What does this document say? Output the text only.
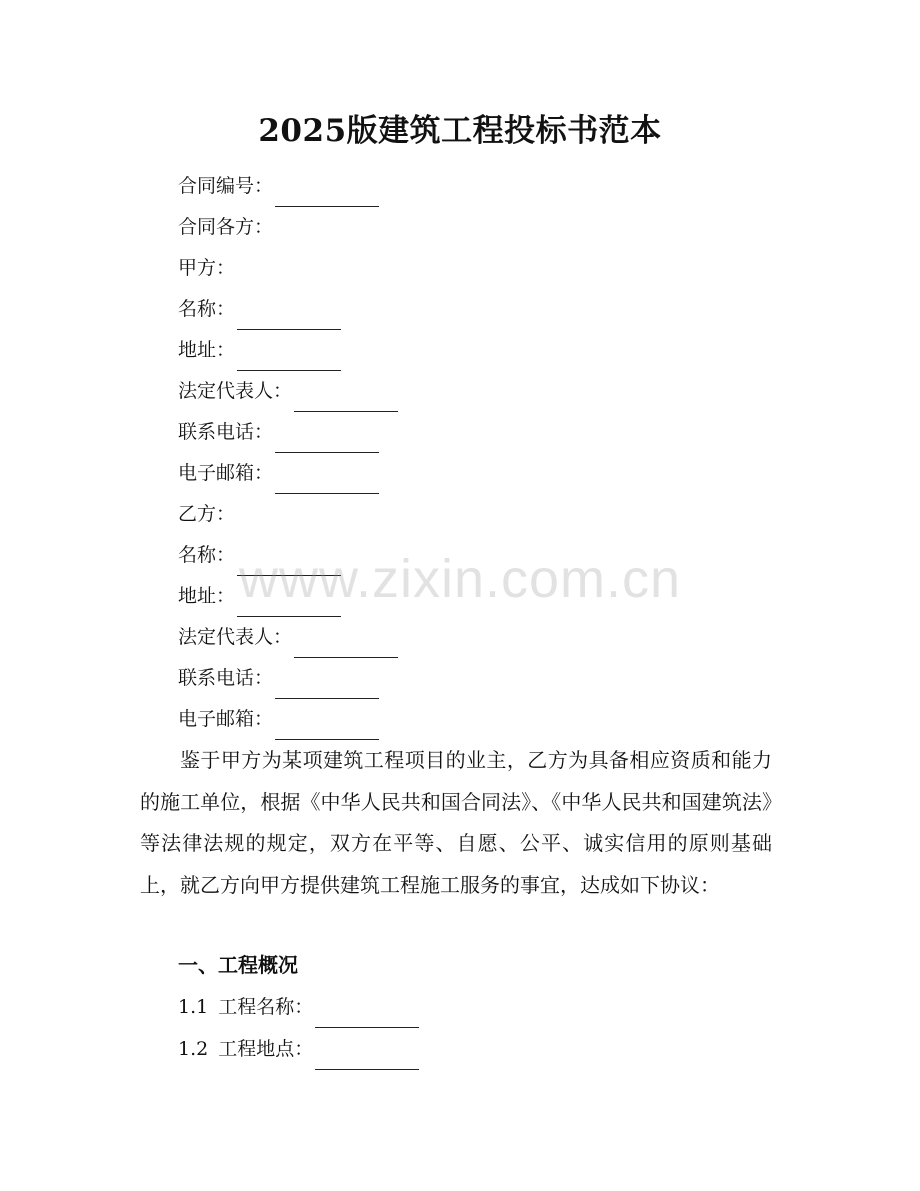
2025版建筑工程投标书范本
合同编号：
合同各方：
甲方：
名称：
地址：
法定代表人：
联系电话：
电子邮箱：
乙方：
名称：
地址：
法定代表人：
联系电话：
电子邮箱：

鉴于甲方为某项建筑工程项目的业主，乙方为具备相应资质和能力的施工单位，根据《中华人民共和国合同法》、《中华人民共和国建筑法》等法律法规的规定，双方在平等、自愿、公平、诚实信用的原则基础上，就乙方向甲方提供建筑工程施工服务的事宜，达成如下协议：

一、工程概况
1.1 工程名称：
1.2 工程地点：
www.zixin.com.cn
